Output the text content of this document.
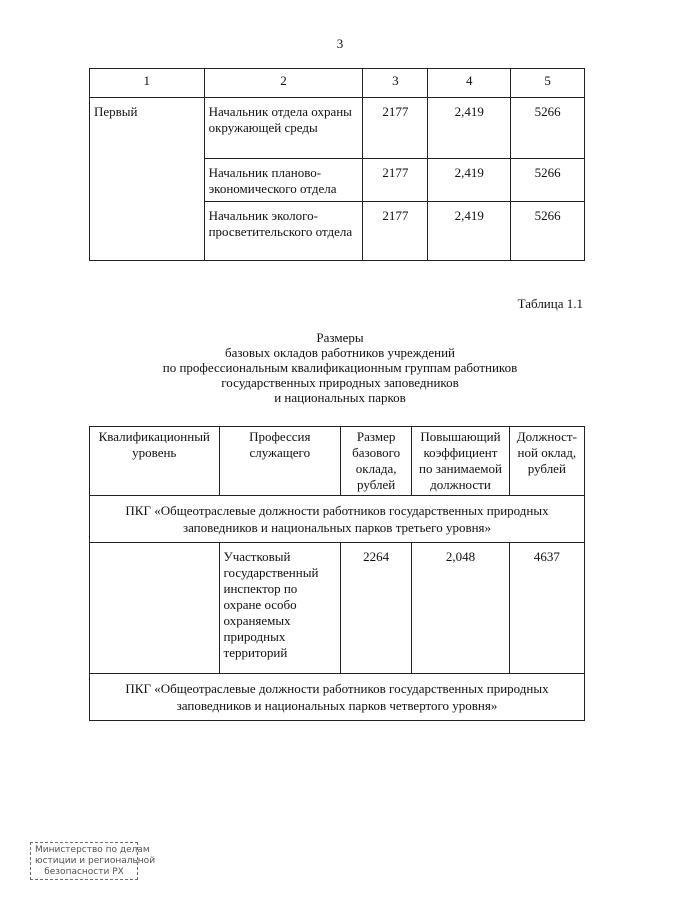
3
1	2	3	4	5
Первый	Начальник отдела охраны окружающей среды	2177	2,419	5266
	Начальник планово-экономического отдела	2177	2,419	5266
	Начальник эколого-просветительского отдела	2177	2,419	5266
Таблица 1.1
Размеры
базовых окладов работников учреждений
по профессиональным квалификационным группам работников
государственных природных заповедников
и национальных парков
Квалификационный уровень	Профессия служащего	Размер базового оклада, рублей	Повышающий коэффициент по занимаемой должности	Должност-ной оклад, рублей
ПКГ «Общеотраслевые должности работников государственных природных заповедников и национальных парков третьего уровня»				
	Участковый государственный инспектор по охране особо охраняемых природных территорий	2264	2,048	4637
ПКГ «Общеотраслевые должности работников государственных природных заповедников и национальных парков четвертого уровня»				
Министерство по делам
юстиции и региональной
безопасности РХ
